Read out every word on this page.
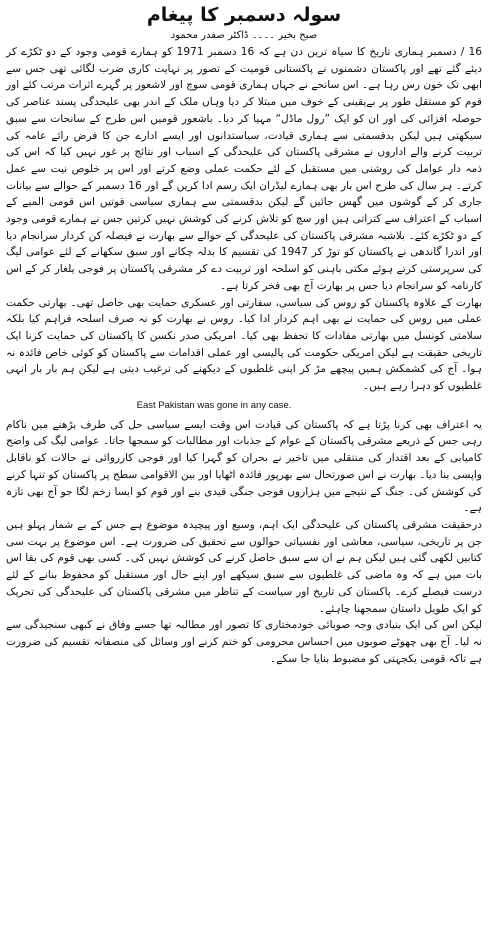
سولہ دسمبر کا پیغام
صبح بخیر ۔۔۔۔ ڈاکٹر صفدر محمود

16 / دسمبر ہماری تاریخ کا سیاہ ترین دن ہے کہ 16 دسمبر 1971 کو ہمارے قومی وجود کے دو ٹکڑے کر دیئے گئے تھے اور پاکستان دشمنوں نے پاکستانی قومیت کے تصور پر نہایت کاری ضرب لگائی تھی جس سے ابھی تک خون رس رہا ہے۔ اس سانحے نے جہاں ہماری قومی سوچ اور لاشعور پر گہرے اثرات مرتب کئے اور قوم کو مستقل طور پر بےیقینی کے خوف میں مبتلا کر دیا وہاں ملک کے اندر بھی علیحدگی پسند عناصر کی حوصلہ افزائی کی اور ان کو ایک ”رول ماڈل“ مہیا کر دیا۔ باشعور قومیں اس طرح کے سانحات سے سبق سیکھتی ہیں لیکن بدقسمتی سے ہماری قیادت، سیاستدانوں اور ایسے ادارے جن کا فرض رائے عامہ کی تربیت کرنے والے اداروں نے مشرقی پاکستان کی علیحدگی کے اسباب اور نتائج پر غور نہیں کیا کہ اس کی ذمہ دار عوامل کی روشنی میں مستقبل کے لئے حکمت عملی وضع کرتے اور اس پر خلوص نیت سے عمل کرتے۔ ہر سال کی طرح اس بار بھی ہمارے لیڈران ایک رسم ادا کریں گے اور 16 دسمبر کے حوالے سے بیانات جاری کر کے گوشوں میں گھس جائیں گے لیکن بدقسمتی سے ہماری سیاسی قوتیں اس قومی المیے کے اسباب کے اعتراف سے کتراتی ہیں اور سچ کو تلاش کرنے کی کوشش نہیں کرتیں جس نے ہمارے قومی وجود کے دو ٹکڑے کئے۔ بلاشبہ مشرقی پاکستان کی علیحدگی کے حوالے سے بھارت نے فیصلہ کن کردار سرانجام دیا اور اندرا گاندھی نے پاکستان کو توڑ کر 1947 کی تقسیم کا بدلہ چکانے اور سبق سکھانے کے لئے عوامی لیگ کی سرپرستی کرتے ہوئے مکتی باہنی کو اسلحہ اور تربیت دے کر مشرقی پاکستان پر فوجی یلغار کر کے اس کارنامہ کو سرانجام دیا جس پر بھارت آج بھی فخر کرتا ہے۔

بھارت کے علاوہ پاکستان کو روس کی سیاسی، سفارتی اور عسکری حمایت بھی حاصل تھی۔ بھارتی حکمت عملی میں روس کی حمایت نے بھی اہم کردار ادا کیا۔ روس نے بھارت کو نہ صرف اسلحہ فراہم کیا بلکہ سلامتی کونسل میں بھارتی مفادات کا تحفظ بھی کیا۔ امریکی صدر نکسن کا پاکستان کی حمایت کرنا ایک تاریخی حقیقت ہے لیکن امریکی حکومت کی پالیسی اور عملی اقدامات سے پاکستان کو کوئی خاص فائدہ نہ ہوا۔ آج کی کشمکش ہمیں پیچھے مڑ کر اپنی غلطیوں کے دیکھنے کی ترغیب دیتی ہے لیکن ہم بار بار انہی غلطیوں کو دہرا رہے ہیں۔

East Pakistan was gone in any case.

یہ اعتراف بھی کرنا پڑتا ہے کہ پاکستان کی قیادت اس وقت ایسے سیاسی حل کی طرف بڑھنے میں ناکام رہی جس کے ذریعے مشرقی پاکستان کے عوام کے جذبات اور مطالبات کو سمجھا جاتا۔ عوامی لیگ کی واضح کامیابی کے بعد اقتدار کی منتقلی میں تاخیر نے بحران کو گہرا کیا اور فوجی کارروائی نے حالات کو ناقابل واپسی بنا دیا۔ بھارت نے اس صورتحال سے بھرپور فائدہ اٹھایا اور بین الاقوامی سطح پر پاکستان کو تنہا کرنے کی کوشش کی۔ جنگ کے نتیجے میں ہزاروں فوجی جنگی قیدی بنے اور قوم کو ایسا زخم لگا جو آج بھی تازہ ہے۔

درحقیقت مشرقی پاکستان کی علیحدگی ایک اہم، وسیع اور پیچیدہ موضوع ہے جس کے بے شمار پہلو ہیں جن پر تاریخی، سیاسی، معاشی اور نفسیاتی حوالوں سے تحقیق کی ضرورت ہے۔ اس موضوع پر بہت سی کتابیں لکھی گئی ہیں لیکن ہم نے ان سے سبق حاصل کرنے کی کوشش نہیں کی۔ کسی بھی قوم کی بقا اس بات میں ہے کہ وہ ماضی کی غلطیوں سے سبق سیکھے اور اپنے حال اور مستقبل کو محفوظ بنانے کے لئے درست فیصلے کرے۔ پاکستان کی تاریخ اور سیاست کے تناظر میں مشرقی پاکستان کی علیحدگی کی تحریک کو ایک طویل داستان سمجھنا چاہئے۔

لیکن اس کی ایک بنیادی وجہ صوبائی خودمختاری کا تصور اور مطالبہ تھا جسے وفاق نے کبھی سنجیدگی سے نہ لیا۔ آج بھی چھوٹے صوبوں میں احساس محرومی کو ختم کرنے اور وسائل کی منصفانہ تقسیم کی ضرورت ہے تاکہ قومی یکجہتی کو مضبوط بنایا جا سکے۔
